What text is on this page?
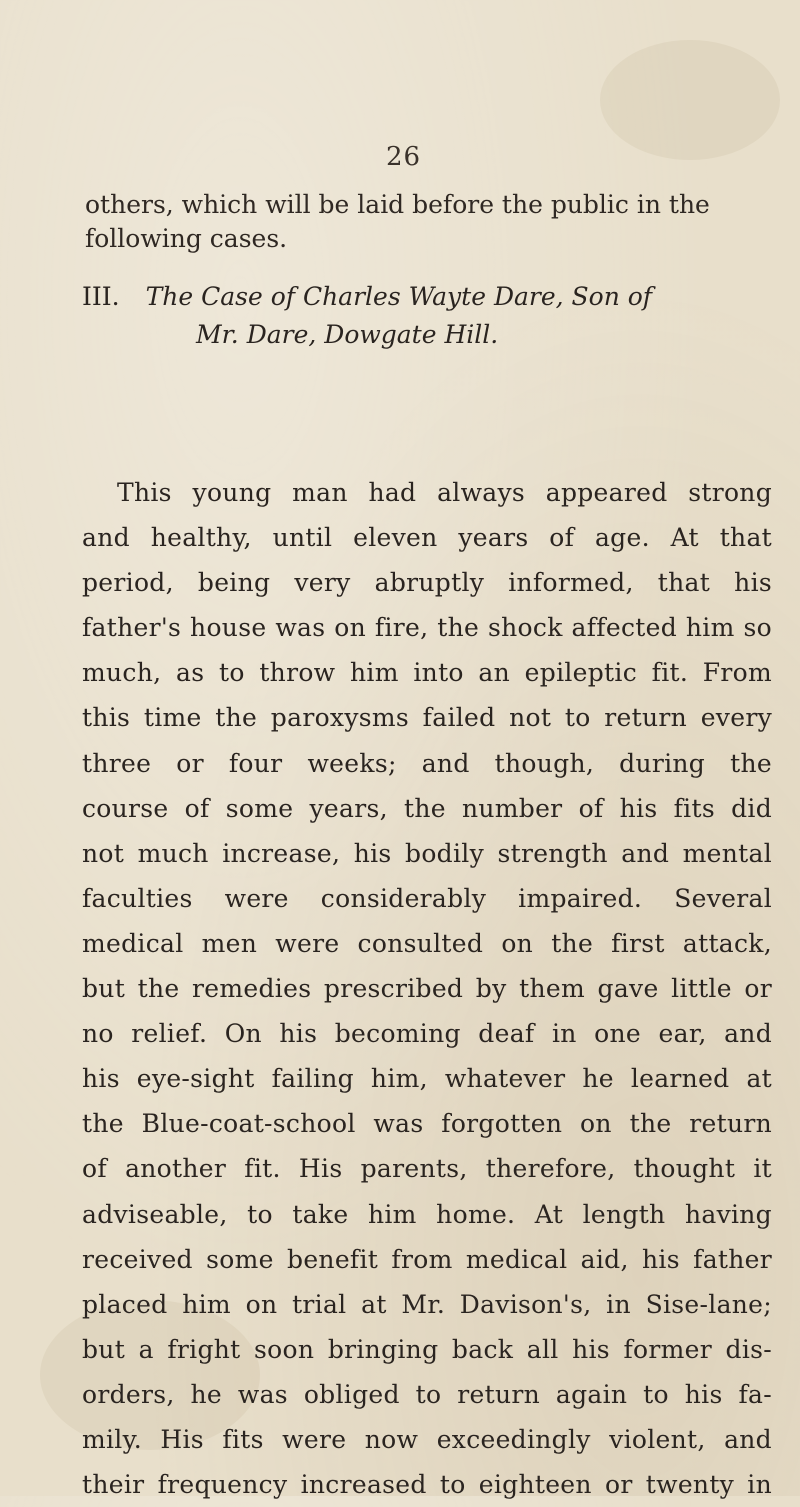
26
others, which will be laid before the public in the
following cases.
III. The Case of Charles Wayte Dare, Son of
Mr. Dare, Dowgate Hill.
This young man had always appeared strong
and healthy, until eleven years of age. At that
period, being very abruptly informed, that his
father's house was on fire, the shock affected him so
much, as to throw him into an epileptic fit. From
this time the paroxysms failed not to return every
three or four weeks; and though, during the
course of some years, the number of his fits did
not much increase, his bodily strength and mental
faculties were considerably impaired. Several
medical men were consulted on the first attack,
but the remedies prescribed by them gave little or
no relief. On his becoming deaf in one ear, and
his eye-sight failing him, whatever he learned at
the Blue-coat-school was forgotten on the return
of another fit. His parents, therefore, thought it
adviseable, to take him home. At length having
received some benefit from medical aid, his father
placed him on trial at Mr. Davison's, in Sise-lane;
but a fright soon bringing back all his former dis-
orders, he was obliged to return again to his fa-
mily. His fits were now exceedingly violent, and
their frequency increased to eighteen or twenty in
